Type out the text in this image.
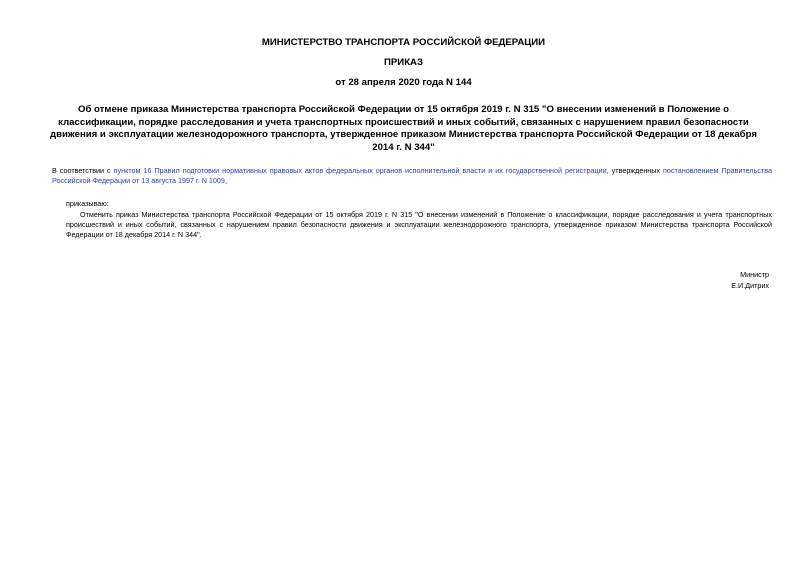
МИНИСТЕРСТВО ТРАНСПОРТА РОССИЙСКОЙ ФЕДЕРАЦИИ

ПРИКАЗ

от 28 апреля 2020 года N 144

Об отмене приказа Министерства транспорта Российской Федерации от 15 октября 2019 г. N 315 "О внесении изменений в Положение о классификации, порядке расследования и учета транспортных происшествий и иных событий, связанных с нарушением правил безопасности движения и эксплуатации железнодорожного транспорта, утвержденное приказом Министерства транспорта Российской Федерации от 18 декабря 2014 г. N 344"

В соответствии с пунктом 16 Правил подготовки нормативных правовых актов федеральных органов исполнительной власти и их государственной регистрации, утвержденных постановлением Правительства Российской Федерации от 13 августа 1997 г. N 1009,

приказываю:

Отменить приказ Министерства транспорта Российской Федерации от 15 октября 2019 г. N 315 "О внесении изменений в Положение о классификации, порядке расследования и учета транспортных происшествий и иных событий, связанных с нарушением правил безопасности движения и эксплуатации железнодорожного транспорта, утвержденное приказом Министерства транспорта Российской Федерации от 18 декабря 2014 г. N 344".

Министр
Е.И.Дитрих
